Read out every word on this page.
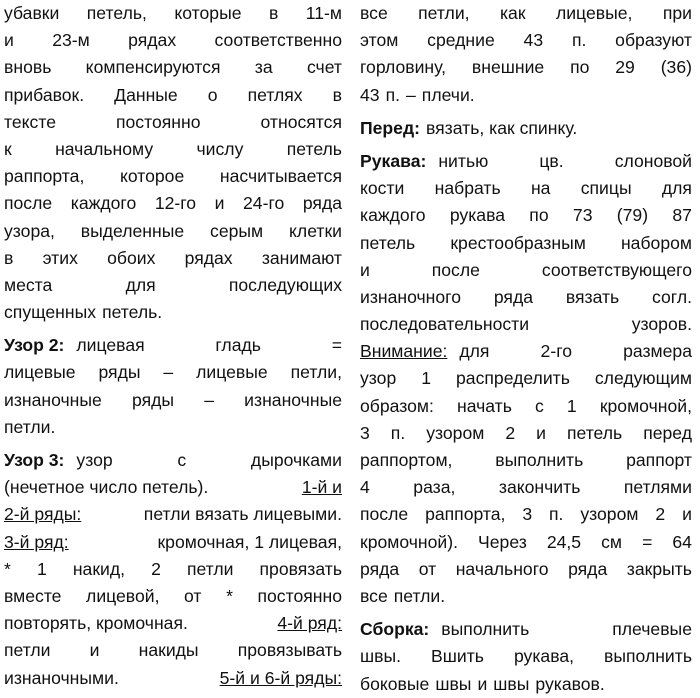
убавки петель, которые в 11-м
и 23-м рядах соответственно
вновь компенсируются за счет
прибавок. Данные о петлях в
тексте	постоянно	относятся
к начальному числу петель
раппорта, которое насчитывается
после каждого 12-го и 24-го ряда
узора, выделенные серым клетки
в этих обоих рядах занимают
места	для	последующих
спущенных петель.
Узор 2: лицевая	гладь	=
лицевые ряды – лицевые петли,
изнаночные ряды – изнаночные
петли.
Узор 3: узор	с	дырочками
(нечетное число петель).	1-й и
2-й ряды:	петли вязать лицевыми.
3-й ряд:	кромочная, 1 лицевая,
* 1 накид, 2 петли провязать
вместе лицевой, от * постоянно
повторять, кромочная.	4-й ряд:
петли и накиды провязывать
изнаночными.	5-й и 6-й ряды:
все петли, как лицевые, при
этом средние 43 п. образуют
горловину, внешние по 29 (36)
43 п. – плечи.
Перед: вязать, как спинку.
Рукава: нитью	цв.	слоновой
кости набрать на спицы для
каждого рукава по 73 (79) 87
петель крестообразным набором
и	после	соответствующего
изнаночного ряда вязать согл.
последовательности	узоров.
Внимание: для	2-го	размера
узор 1 распределить следующим
образом: начать с 1 кромочной,
3 п. узором 2 и петель перед
раппортом, выполнить раппорт
4 раза, закончить петлями
после раппорта, 3 п. узором 2 и
кромочной). Через 24,5 см = 64
ряда от начального ряда закрыть
все петли.
Сборка: выполнить	плечевые
швы. Вшить рукава, выполнить
боковые швы и швы рукавов.
